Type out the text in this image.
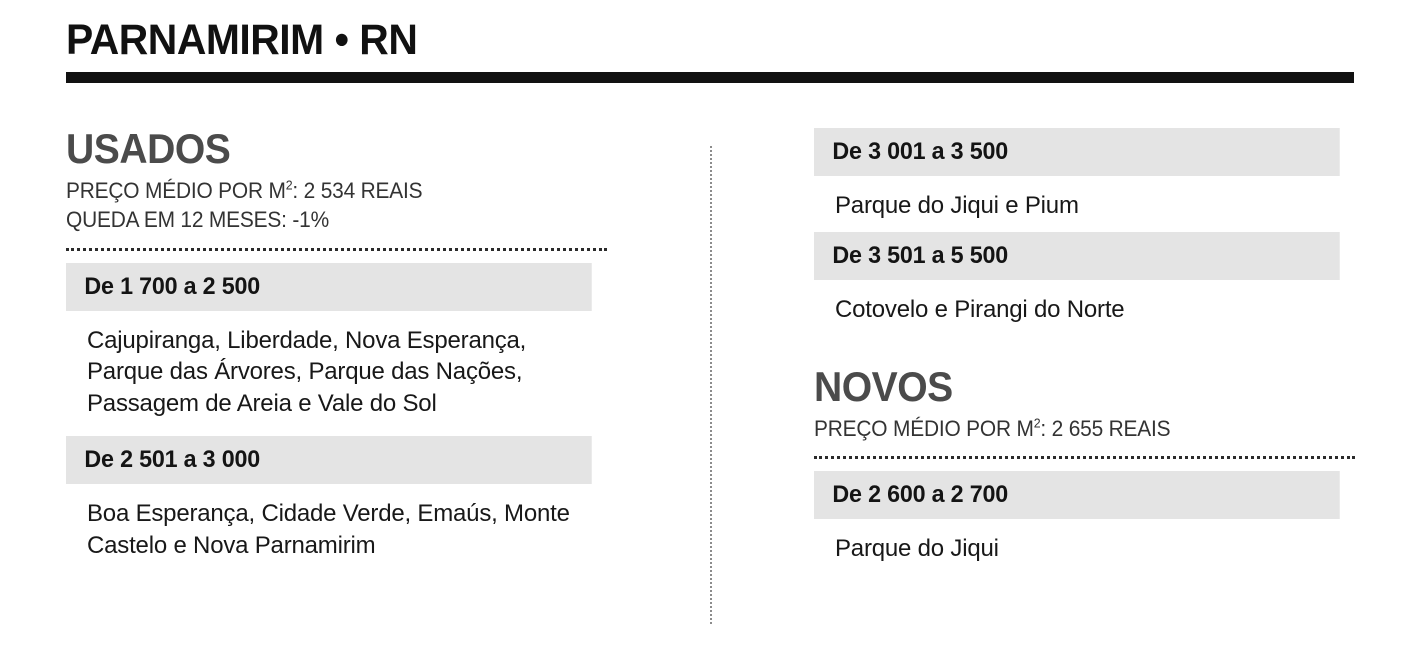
PARNAMIRIM • RN
USADOS
PREÇO MÉDIO POR $M^2$: 2 534 REAIS
QUEDA EM 12 MESES: -1%
De 1 700 a 2 500
Cajupiranga, Liberdade, Nova Esperança, Parque das Árvores, Parque das Nações, Passagem de Areia e Vale do Sol
De 2 501 a 3 000
Boa Esperança, Cidade Verde, Emaús, Monte Castelo e Nova Parnamirim
De 3 001 a 3 500
Parque do Jiqui e Pium
De 3 501 a 5 500
Cotovelo e Pirangi do Norte
NOVOS
PREÇO MÉDIO POR $M^2$: 2 655 REAIS
De 2 600 a 2 700
Parque do Jiqui
